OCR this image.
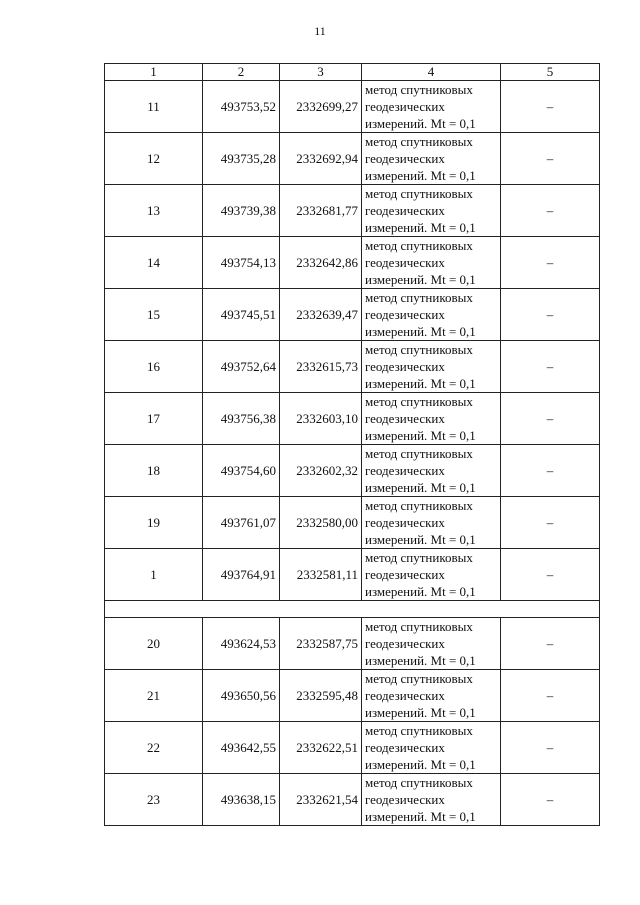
11
1	2	3	4	5
11	493753,52	2332699,27	метод спутниковых
геодезических
измерений. Mt = 0,1	–
12	493735,28	2332692,94	метод спутниковых
геодезических
измерений. Mt = 0,1	–
13	493739,38	2332681,77	метод спутниковых
геодезических
измерений. Mt = 0,1	–
14	493754,13	2332642,86	метод спутниковых
геодезических
измерений. Mt = 0,1	–
15	493745,51	2332639,47	метод спутниковых
геодезических
измерений. Mt = 0,1	–
16	493752,64	2332615,73	метод спутниковых
геодезических
измерений. Mt = 0,1	–
17	493756,38	2332603,10	метод спутниковых
геодезических
измерений. Mt = 0,1	–
18	493754,60	2332602,32	метод спутниковых
геодезических
измерений. Mt = 0,1	–
19	493761,07	2332580,00	метод спутниковых
геодезических
измерений. Mt = 0,1	–
1	493764,91	2332581,11	метод спутниковых
геодезических
измерений. Mt = 0,1	–

20	493624,53	2332587,75	метод спутниковых
геодезических
измерений. Mt = 0,1	–
21	493650,56	2332595,48	метод спутниковых
геодезических
измерений. Mt = 0,1	–
22	493642,55	2332622,51	метод спутниковых
геодезических
измерений. Mt = 0,1	–
23	493638,15	2332621,54	метод спутниковых
геодезических
измерений. Mt = 0,1	–
